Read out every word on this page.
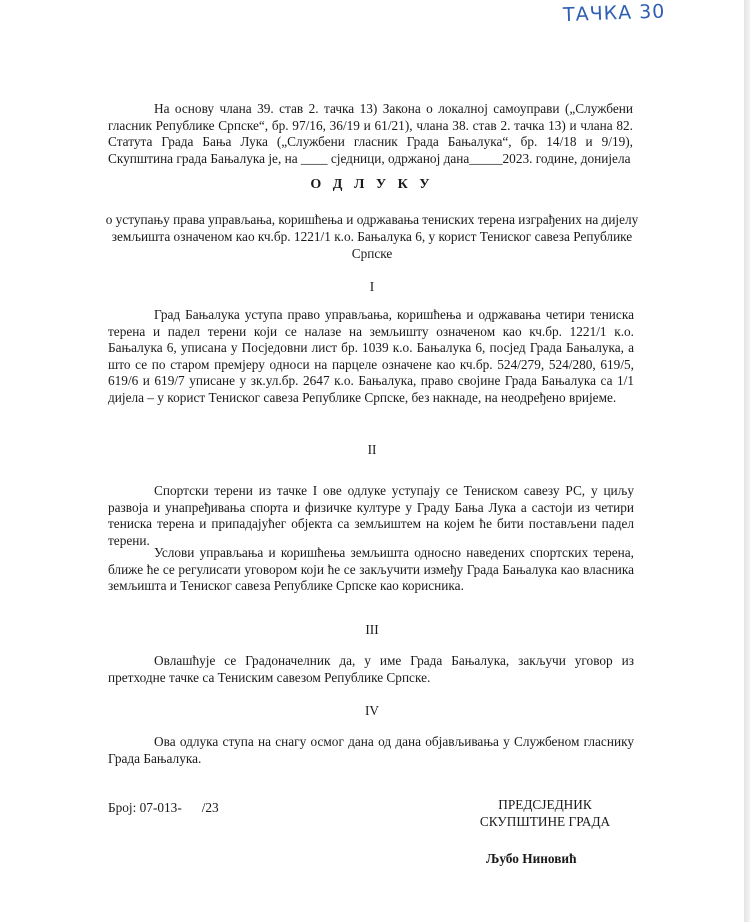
ТАЧКА 30
На основу члана 39. став 2. тачка 13) Закона о локалној самоуправи („Службени гласник Републике Српске“, бр. 97/16, 36/19 и 61/21), члана 38. став 2. тачка 13) и члана 82. Статута Града Бања Лука („Службени гласник Града Бањалука“, бр. 14/18 и 9/19), Скупштина града Бањалука је, на ____ сједници, одржаној дана_____2023. године, донијела
О Д Л У К У
о уступању права управљања, коришћења и одржавања тениских терена изграђених на дијелу земљишта означеном као кч.бр. 1221/1 к.о. Бањалука 6, у корист Тениског савеза Републике Српске
I
Град Бањалука уступа право управљања, коришћења и одржавања четири тениска терена и падел терени који се налазе на земљишту означеном као кч.бр. 1221/1 к.о. Бањалука 6, уписана у Посједовни лист бр. 1039 к.о. Бањалука 6, посјед Града Бањалука, а што се по старом премјеру односи на парцеле означене као кч.бр. 524/279, 524/280, 619/5, 619/6 и 619/7 уписане у зк.ул.бр. 2647 к.о. Бањалука, право својине Града Бањалука са 1/1 дијела – у корист Тениског савеза Републике Српске, без накнаде, на неодређено вријеме.
II
Спортски терени из тачке I ове одлуке уступају се Тениском савезу РС, у циљу развоја и унапређивања спорта и физичке културе у Граду Бања Лука а састоји из четири тениска терена и припадајућег објекта са земљиштем на којем ће бити постављени падел терени.
Услови управљања и коришћења земљишта односно наведених спортских терена, ближе ће се регулисати уговором који ће се закључити између Града Бањалука као власника земљишта и Тениског савеза Републике Српске као корисника.
III
Овлашћује се Градоначелник да, у име Града Бањалука, закључи уговор из претходне тачке са Тениским савезом Републике Српске.
IV
Ова одлука ступа на снагу осмог дана од дана објављивања у Службеном гласнику Града Бањалука.
Број: 07-013-      /23	ПРЕДСЈЕДНИК
СКУПШТИНЕ ГРАДА
Љубо Ниновић
